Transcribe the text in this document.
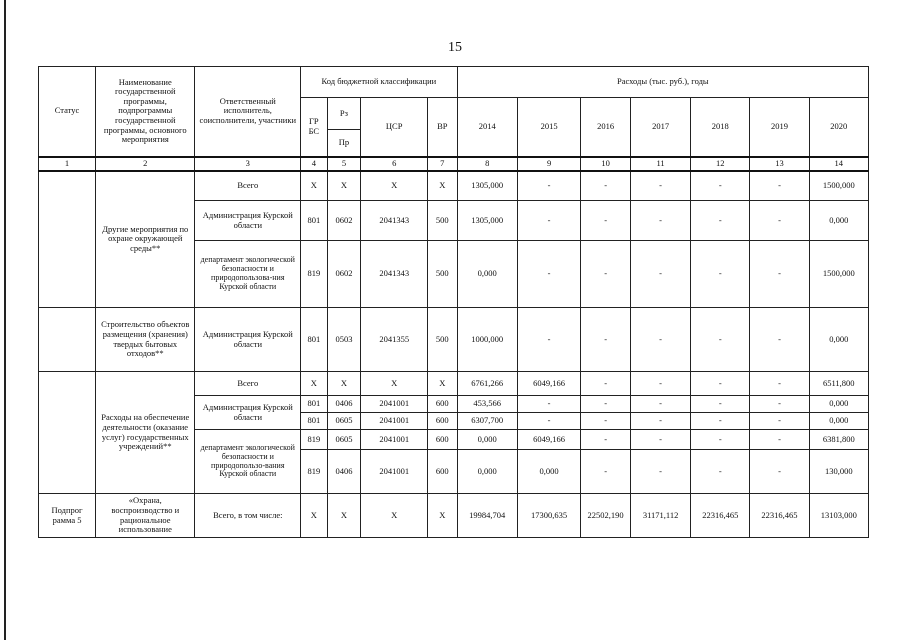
15
Статус	Наименование государственной программы, подпрограммы государственной программы, основного мероприятия	Ответственный исполнитель, соисполнители, участники	Код бюджетной классификации				Расходы (тыс. руб.), годы						
			ГР БС	Рз	ЦСР	ВР	2014	2015	2016	2017	2018	2019	2020
				Пр									
1	2	3	4	5	6	7	8	9	10	11	12	13	14
	Другие мероприятия по охране окружающей среды**	Всего	Х	Х	Х	Х	1305,000	-	-	-	-	-	1500,000
		Администрация Курской области	801	0602	2041343	500	1305,000	-	-	-	-	-	0,000
		департамент экологической безопасности и природопользова-ния Курской области	819	0602	2041343	500	0,000	-	-	-	-	-	1500,000
	Строительство объектов размещения (хранения) твердых бытовых отходов**	Администрация Курской области	801	0503	2041355	500	1000,000	-	-	-	-	-	0,000
	Расходы на обеспечение деятельности (оказание услуг) государственных учреждений**	Всего	Х	Х	Х	Х	6761,266	6049,166	-	-	-	-	6511,800
		Администрация Курской области	801	0406	2041001	600	453,566	-	-	-	-	-	0,000
			801	0605	2041001	600	6307,700	-	-	-	-	-	0,000
		департамент экологической безопасности и природопользо-вания Курской области	819	0605	2041001	600	0,000	6049,166	-	-	-	-	6381,800
			819	0406	2041001	600	0,000	0,000	-	-	-	-	130,000
Подпрог рамма 5	«Охрана, воспроизводство и рациональное использование	Всего, в том числе:	Х	Х	Х	Х	19984,704	17300,635	22502,190	31171,112	22316,465	22316,465	13103,000
